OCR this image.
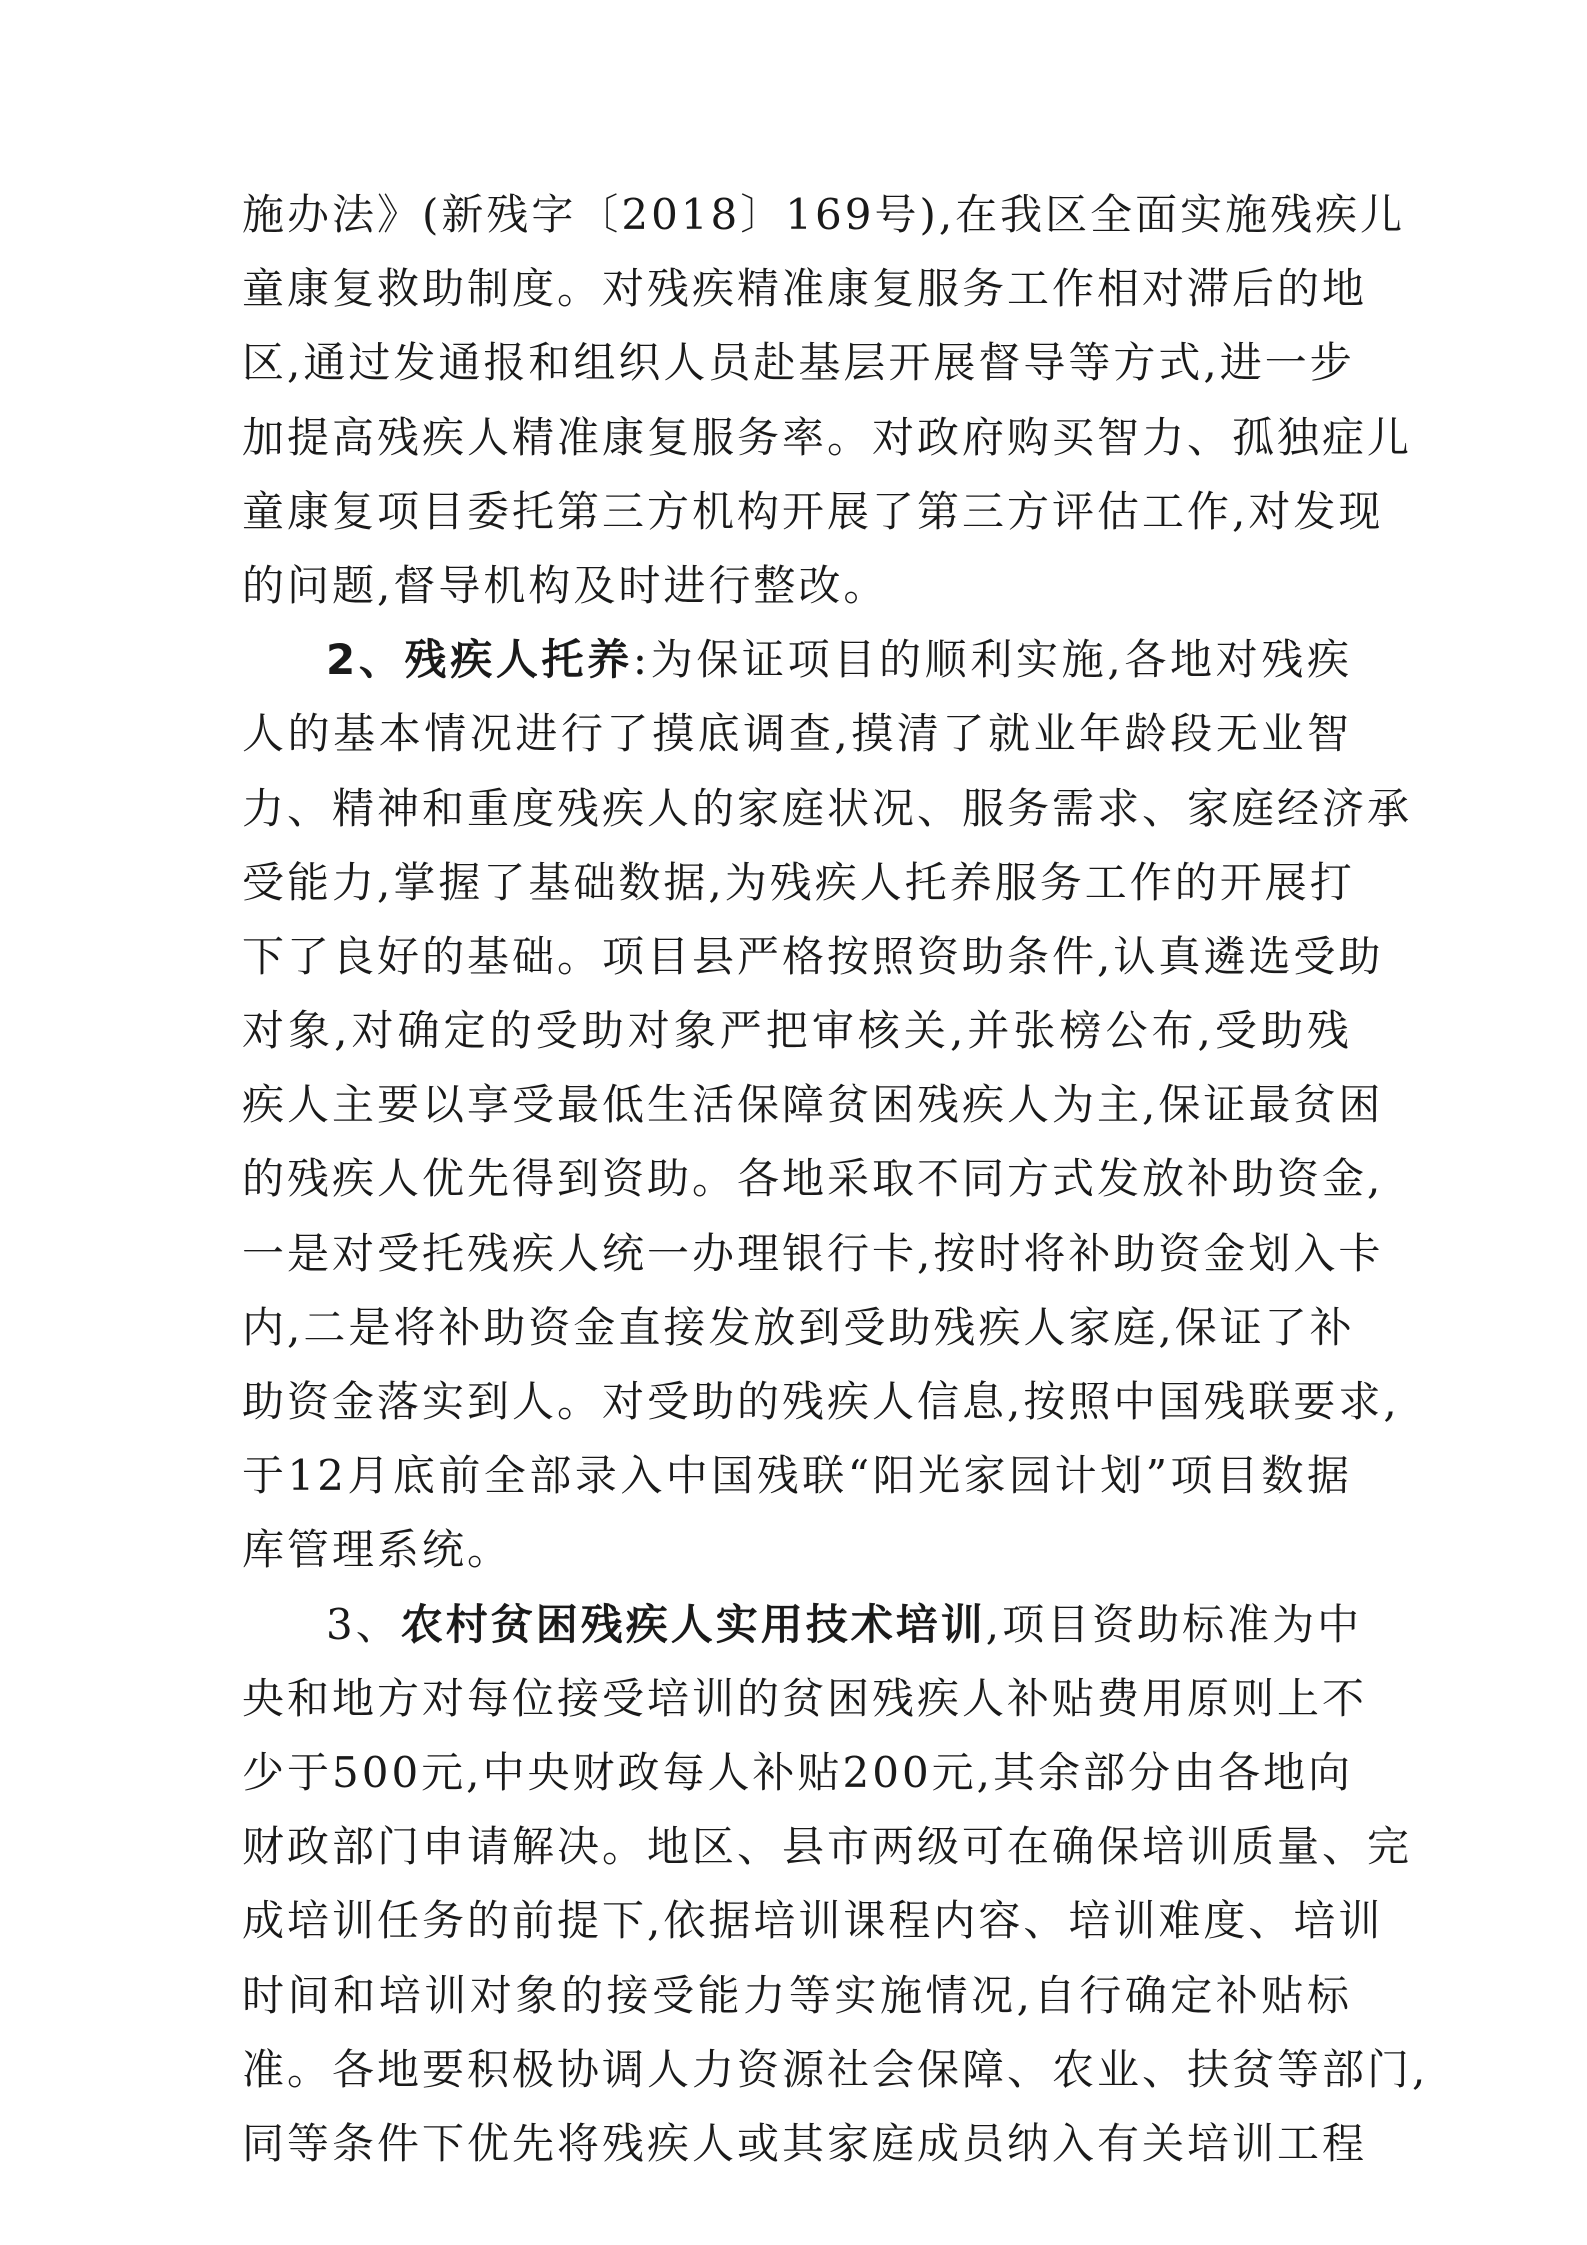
施办法》(新残字〔2018〕169号),在我区全面实施残疾儿
童康复救助制度。对残疾精准康复服务工作相对滞后的地
区,通过发通报和组织人员赴基层开展督导等方式,进一步
加提高残疾人精准康复服务率。对政府购买智力、孤独症儿
童康复项目委托第三方机构开展了第三方评估工作,对发现
的问题,督导机构及时进行整改。
2、残疾人托养:为保证项目的顺利实施,各地对残疾
人的基本情况进行了摸底调查,摸清了就业年龄段无业智
力、精神和重度残疾人的家庭状况、服务需求、家庭经济承
受能力,掌握了基础数据,为残疾人托养服务工作的开展打
下了良好的基础。项目县严格按照资助条件,认真遴选受助
对象,对确定的受助对象严把审核关,并张榜公布,受助残
疾人主要以享受最低生活保障贫困残疾人为主,保证最贫困
的残疾人优先得到资助。各地采取不同方式发放补助资金,
一是对受托残疾人统一办理银行卡,按时将补助资金划入卡
内,二是将补助资金直接发放到受助残疾人家庭,保证了补
助资金落实到人。对受助的残疾人信息,按照中国残联要求,
于12月底前全部录入中国残联“阳光家园计划”项目数据
库管理系统。
3、农村贫困残疾人实用技术培训,项目资助标准为中
央和地方对每位接受培训的贫困残疾人补贴费用原则上不
少于500元,中央财政每人补贴200元,其余部分由各地向
财政部门申请解决。地区、县市两级可在确保培训质量、完
成培训任务的前提下,依据培训课程内容、培训难度、培训
时间和培训对象的接受能力等实施情况,自行确定补贴标
准。各地要积极协调人力资源社会保障、农业、扶贫等部门,
同等条件下优先将残疾人或其家庭成员纳入有关培训工程
